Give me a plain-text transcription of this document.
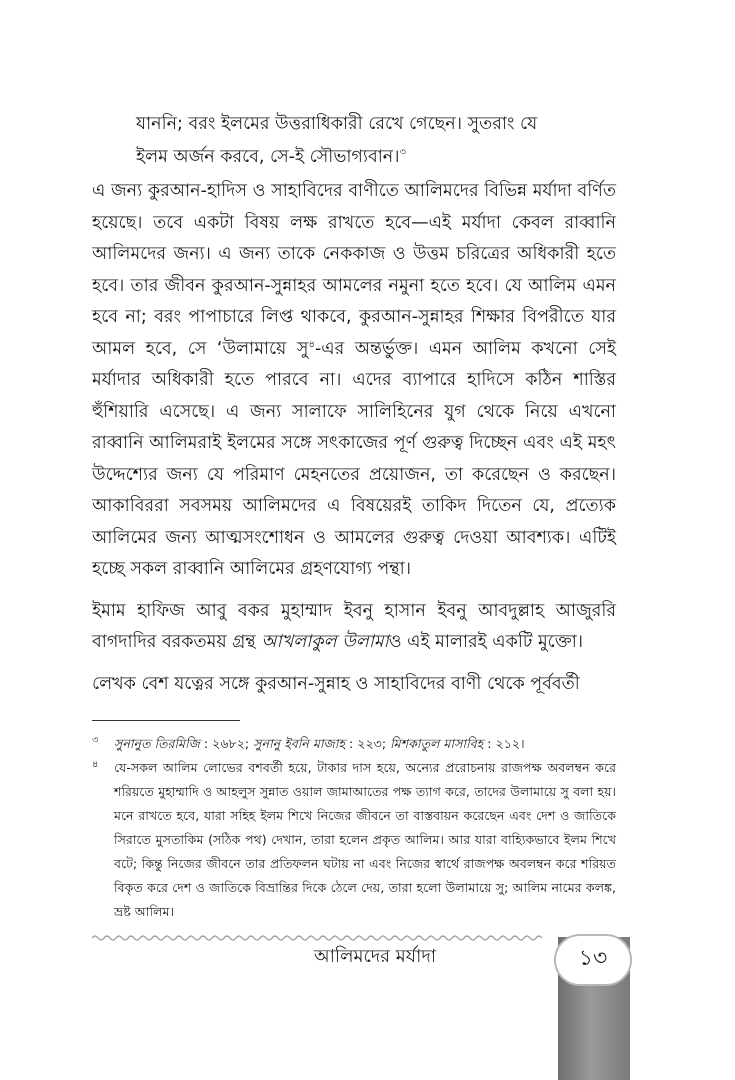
যাননি; বরং ইলমের উত্তরাধিকারী রেখে গেছেন। সুতরাং যে

ইলম অর্জন করবে, সে-ই সৌভাগ্যবান।$^৩$

এ জন্য কুরআন-হাদিস ও সাহাবিদের বাণীতে আলিমদের বিভিন্ন মর্যাদা বর্ণিত হয়েছে। তবে একটা বিষয় লক্ষ রাখতে হবে—এই মর্যাদা কেবল রাব্বানি আলিমদের জন্য। এ জন্য তাকে নেককাজ ও উত্তম চরিত্রের অধিকারী হতে হবে। তার জীবন কুরআন-সুন্নাহর আমলের নমুনা হতে হবে। যে আলিম এমন হবে না; বরং পাপাচারে লিপ্ত থাকবে, কুরআন-সুন্নাহর শিক্ষার বিপরীতে যার আমল হবে, সে ‘উলামায়ে সু$^৪$-এর অন্তর্ভুক্ত। এমন আলিম কখনো সেই মর্যাদার অধিকারী হতে পারবে না। এদের ব্যাপারে হাদিসে কঠিন শাস্তির হুঁশিয়ারি এসেছে। এ জন্য সালাফে সালিহিনের যুগ থেকে নিয়ে এখনো রাব্বানি আলিমরাই ইলমের সঙ্গে সৎকাজের পূর্ণ গুরুত্ব দিচ্ছেন এবং এই মহৎ উদ্দেশ্যের জন্য যে পরিমাণ মেহনতের প্রয়োজন, তা করেছেন ও করছেন। আকাবিররা সবসময় আলিমদের এ বিষয়েরই তাকিদ দিতেন যে, প্রত্যেক আলিমের জন্য আত্মসংশোধন ও আমলের গুরুত্ব দেওয়া আবশ্যক। এটিই হচ্ছে সকল রাব্বানি আলিমের গ্রহণযোগ্য পন্থা।

ইমাম হাফিজ আবু বকর মুহাম্মাদ ইবনু হাসান ইবনু আবদুল্লাহ আজুররি বাগদাদির বরকতময় গ্রন্থ আখলাকুল উলামাও এই মালারই একটি মুক্তো।

লেখক বেশ যত্নের সঙ্গে কুরআন-সুন্নাহ ও সাহাবিদের বাণী থেকে পূর্ববর্তী

৩ সুনানুত তিরমিজি : ২৬৮২; সুনানু ইবনি মাজাহ : ২২৩; মিশকাতুল মাসাবিহ : ২১২।
৪ যে-সকল আলিম লোভের বশবর্তী হয়ে, টাকার দাস হয়ে, অন্যের প্ররোচনায় রাজপক্ষ অবলম্বন করে শরিয়তে মুহাম্মাদি ও আহলুস সুন্নাত ওয়াল জামাআতের পক্ষ ত্যাগ করে, তাদের উলামায়ে সু বলা হয়। মনে রাখতে হবে, যারা সহিহ ইলম শিখে নিজের জীবনে তা বাস্তবায়ন করেছেন এবং দেশ ও জাতিকে সিরাতে মুসতাকিম (সঠিক পথ) দেখান, তারা হলেন প্রকৃত আলিম। আর যারা বাহ্যিকভাবে ইলম শিখে বটে; কিন্তু নিজের জীবনে তার প্রতিফলন ঘটায় না এবং নিজের স্বার্থে রাজপক্ষ অবলম্বন করে শরিয়ত বিকৃত করে দেশ ও জাতিকে বিভ্রান্তির দিকে ঠেলে দেয়, তারা হলো উলামায়ে সু; আলিম নামের কলঙ্ক, ভ্রষ্ট আলিম।
আলিমদের মর্যাদা	১৩
